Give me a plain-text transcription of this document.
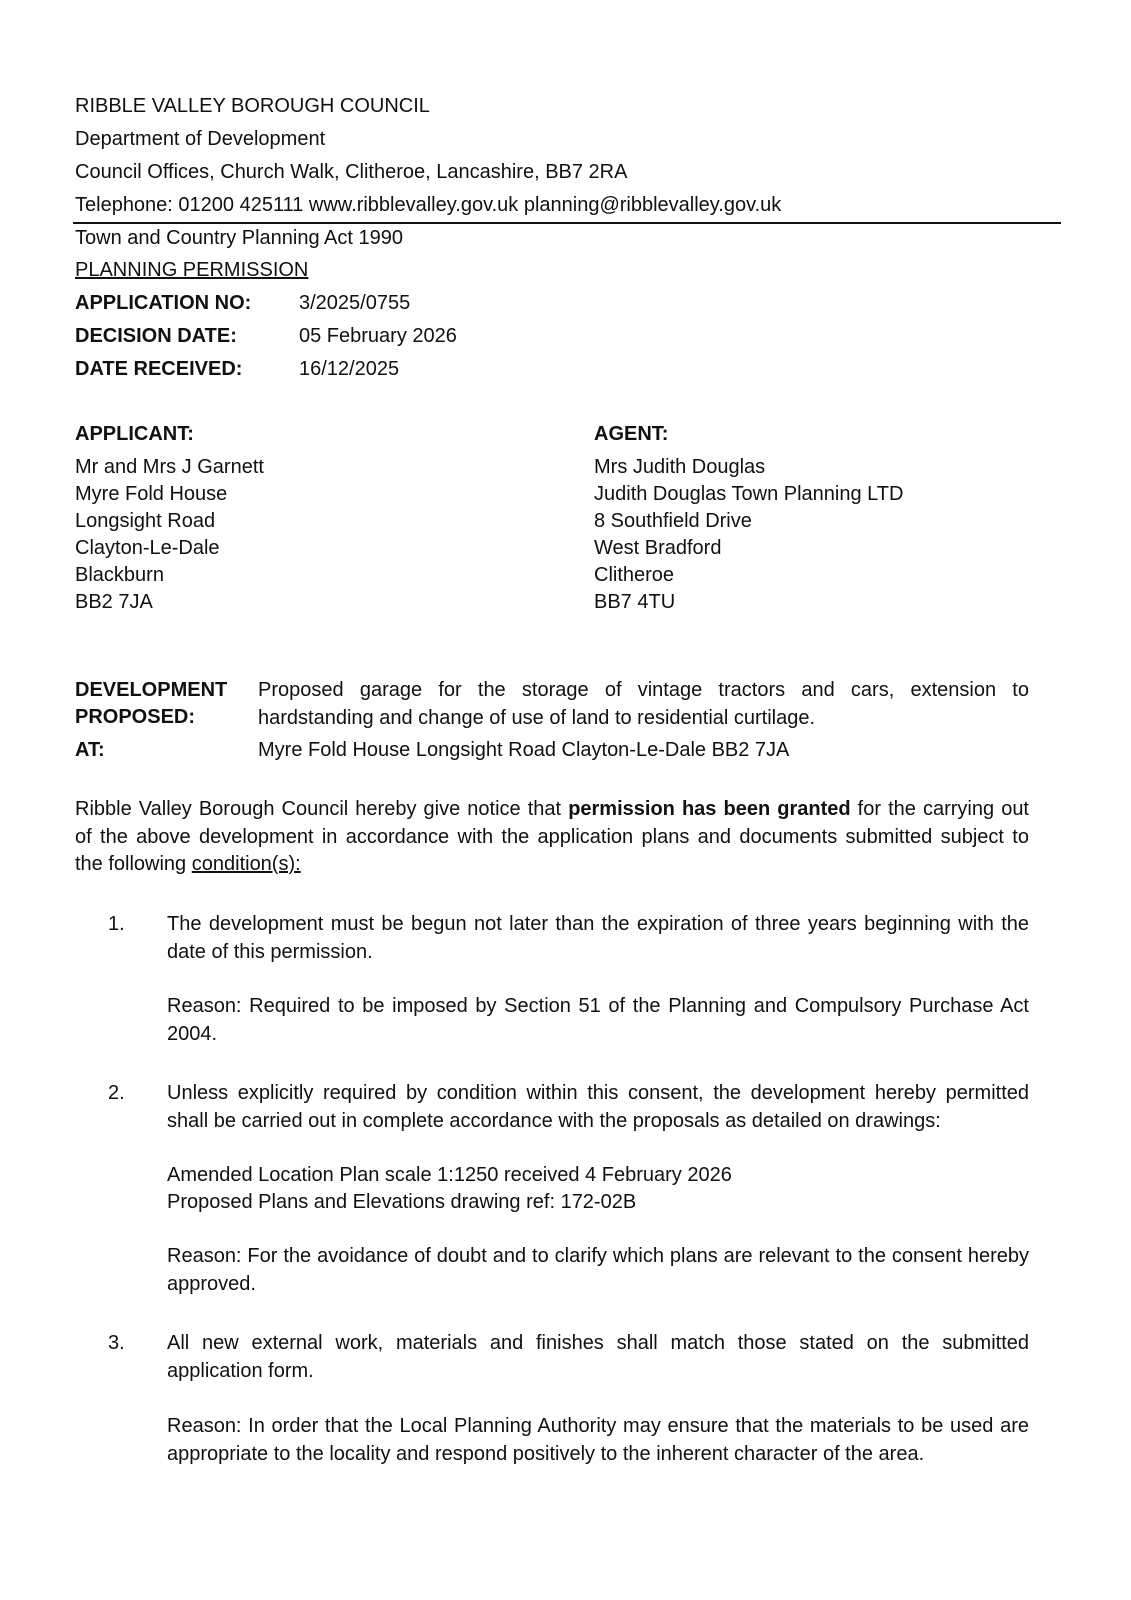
RIBBLE VALLEY BOROUGH COUNCIL
Department of Development
Council Offices, Church Walk, Clitheroe, Lancashire, BB7 2RA
Telephone: 01200 425111 www.ribblevalley.gov.uk planning@ribblevalley.gov.uk
Town and Country Planning Act 1990
PLANNING PERMISSION
APPLICATION NO: 3/2025/0755
DECISION DATE:	05 February 2026
DATE RECEIVED:	16/12/2025
APPLICANT:
Mr and Mrs J Garnett
Myre Fold House
Longsight Road
Clayton-Le-Dale
Blackburn
BB2 7JA
AGENT:
Mrs Judith Douglas
Judith Douglas Town Planning LTD
8 Southfield Drive
West Bradford
Clitheroe
BB7 4TU
DEVELOPMENT
PROPOSED:
Proposed garage for the storage of vintage tractors and cars, extension to
hardstanding and change of use of land to residential curtilage.
AT:	Myre Fold House Longsight Road Clayton-Le-Dale BB2 7JA
Ribble Valley Borough Council hereby give notice that permission has been granted for the carrying out
of the above development in accordance with the application plans and documents submitted subject to
the following condition(s):
1. The development must be begun not later than the expiration of three years beginning with the
date of this permission.
Reason: Required to be imposed by Section 51 of the Planning and Compulsory Purchase Act
2004.
2. Unless explicitly required by condition within this consent, the development hereby permitted
shall be carried out in complete accordance with the proposals as detailed on drawings:
Amended Location Plan scale 1:1250 received 4 February 2026
Proposed Plans and Elevations drawing ref: 172-02B
Reason: For the avoidance of doubt and to clarify which plans are relevant to the consent hereby
approved.
3. All new external work, materials and finishes shall match those stated on the submitted
application form.
Reason: In order that the Local Planning Authority may ensure that the materials to be used are
appropriate to the locality and respond positively to the inherent character of the area.
